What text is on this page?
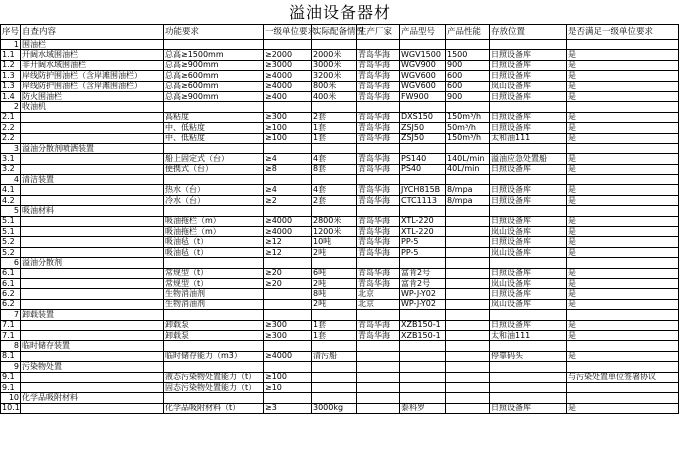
溢油设备器材
序号	自查内容	功能要求	一级单位要求	实际配备情况	生产厂家	产品型号	产品性能	存放位置	是否满足一级单位要求
1	围油栏								
1.1	开阔水域围油栏	总高≥1500mm	≥2000	2000米	青岛华海	WGV1500	1500	日照设备库	是
1.2	非开阔水域围油栏	总高≥900mm	≥3000	3000米	青岛华海	WGV900	900	日照设备库	是
1.3	岸线防护围油栏（含岸滩围油栏）	总高≥600mm	≥4000	3200米	青岛华海	WGV600	600	日照设备库	是
1.3	岸线防护围油栏（含岸滩围油栏）	总高≥600mm	≥4000	800米	青岛华海	WGV600	600	岚山设备库	是
1.4	防火围油栏	总高≥900mm	≥400	400米	青岛华海	FW900	900	日照设备库	是
2	收油机								
2.1		高粘度	≥300	2套	青岛华海	DXS150	150m³/h	日照设备库	是
2.2		中、低粘度	≥100	1套	青岛华海	ZSJ50	50m³/h	日照设备库	是
2.2		中、低粘度	≥100	1套	青岛华海	ZSJ50	150m³/h	太和油111	是
3	溢油分散剂喷洒装置								
3.1		船上固定式（台）	≥4	4套	青岛华海	PS140	140L/min	溢油应急处置船	是
3.2		便携式（台）	≥8	8套	青岛华海	PS40	40L/min	日照设备库	是
4	清洁装置								
4.1		热水（台）	≥4	4套	青岛华海	JYCH815B	8/mpa	日照设备库	是
4.2		冷水（台）	≥2	2套	青岛华海	CTC1113	8/mpa	日照设备库	是
5	吸油材料								
5.1		吸油拖栏（m）	≥4000	2800米	青岛华海	XTL-220		日照设备库	是
5.1		吸油拖栏（m）	≥4000	1200米	青岛华海	XTL-220		岚山设备库	是
5.2		吸油毡（t）	≥12	10吨	青岛华海	PP-5		日照设备库	是
5.2		吸油毡（t）	≥12	2吨	青岛华海	PP-5		岚山设备库	是
6	溢油分散剂								
6.1		常规型（t）	≥20	6吨	青岛华海	富肯2号		日照设备库	是
6.1		常规型（t）	≥20	2吨	青岛华海	富肯2号		岚山设备库	是
6.2		生物消油剂		8吨	北京	WP-J-Y02		日照设备库	是
6.2		生物消油剂		2吨	北京	WP-J-Y02		岚山设备库	是
7	卸载装置								
7.1		卸载泵	≥300	1套	青岛华海	XZB150-1		日照设备库	是
7.1		卸载泵	≥300	1套	青岛华海	XZB150-1		太和油111	是
8	临时储存装置								
8.1		临时储存能力（m3）	≥4000	清污船				停靠码头	是
9	污染物处置								
9.1		液态污染物处置能力（t）	≥100						与污染处置单位签署协议
9.1		固态污染物处置能力（t）	≥10						
10	化学品吸附材料								
10.1		化学品吸附材料（t）	≥3	3000kg		泰科罗		日照设备库	是
